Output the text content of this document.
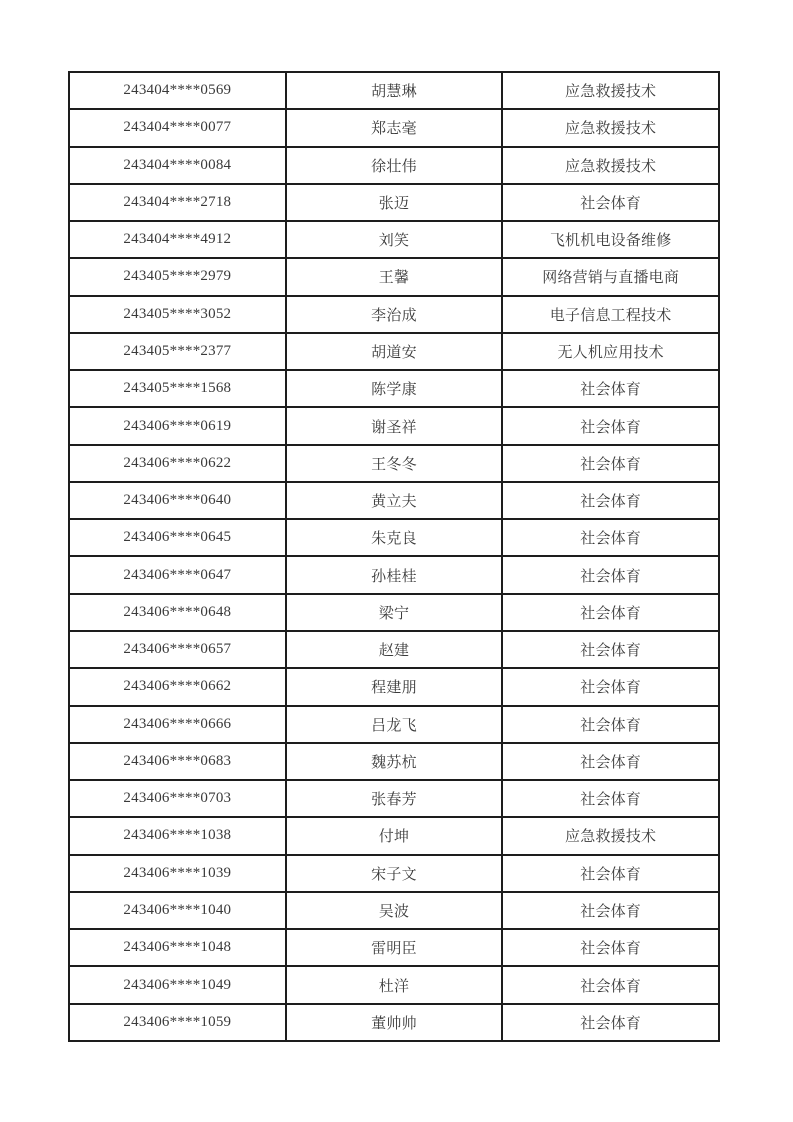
243404****0569	胡慧琳	应急救援技术
243404****0077	郑志毫	应急救援技术
243404****0084	徐壮伟	应急救援技术
243404****2718	张迈	社会体育
243404****4912	刘笑	飞机机电设备维修
243405****2979	王馨	网络营销与直播电商
243405****3052	李治成	电子信息工程技术
243405****2377	胡道安	无人机应用技术
243405****1568	陈学康	社会体育
243406****0619	谢圣祥	社会体育
243406****0622	王冬冬	社会体育
243406****0640	黄立夫	社会体育
243406****0645	朱克良	社会体育
243406****0647	孙桂桂	社会体育
243406****0648	梁宁	社会体育
243406****0657	赵建	社会体育
243406****0662	程建朋	社会体育
243406****0666	吕龙飞	社会体育
243406****0683	魏苏杭	社会体育
243406****0703	张春芳	社会体育
243406****1038	付坤	应急救援技术
243406****1039	宋子文	社会体育
243406****1040	吴波	社会体育
243406****1048	雷明臣	社会体育
243406****1049	杜洋	社会体育
243406****1059	董帅帅	社会体育
